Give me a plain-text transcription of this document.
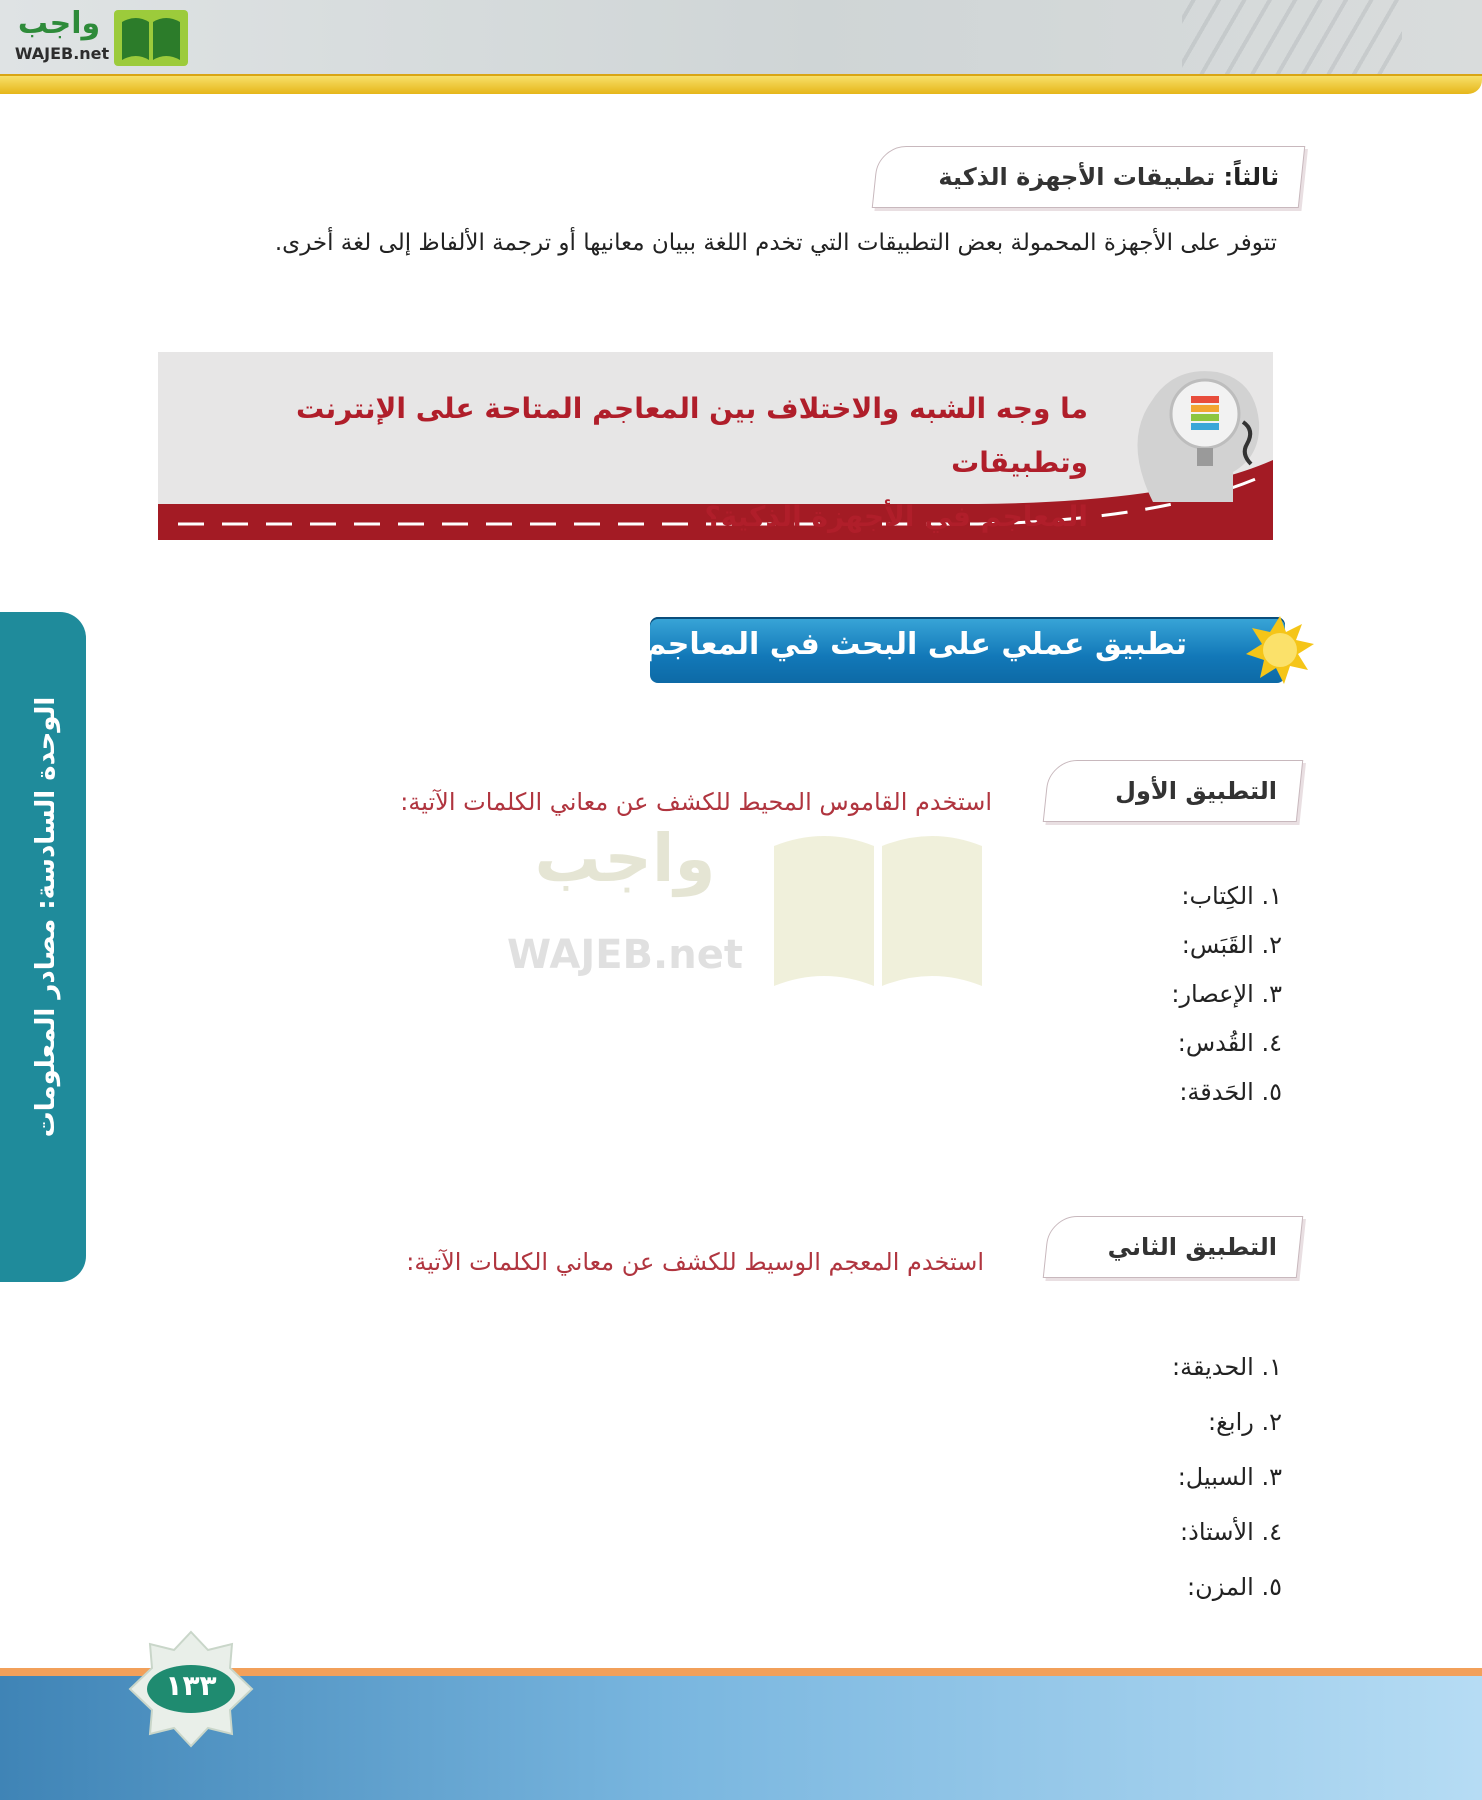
واجب
WAJEB.net
ثالثاً: تطبيقات الأجهزة الذكية
تتوفر على الأجهزة المحمولة بعض التطبيقات التي تخدم اللغة ببيان معانيها أو ترجمة الألفاظ إلى لغة أخرى.
ما وجه الشبه والاختلاف بين المعاجم المتاحة على الإنترنت وتطبيقات
المعاجم في الأجهزة الذكية؟
تطبيق عملي على البحث في المعاجم
التطبيق الأول
استخدم القاموس المحيط للكشف عن معاني الكلمات الآتية:
١. الكِتاب:
٢. القَبَس:
٣. الإعصار:
٤. القُدس:
٥. الحَدقة:
واجب
WAJEB.net
التطبيق الثاني
استخدم المعجم الوسيط للكشف عن معاني الكلمات الآتية:
١. الحديقة:
٢. رابغ:
٣. السبيل:
٤. الأستاذ:
٥. المزن:
الوحدة السادسة: مصادر المعلومات
١٣٣
